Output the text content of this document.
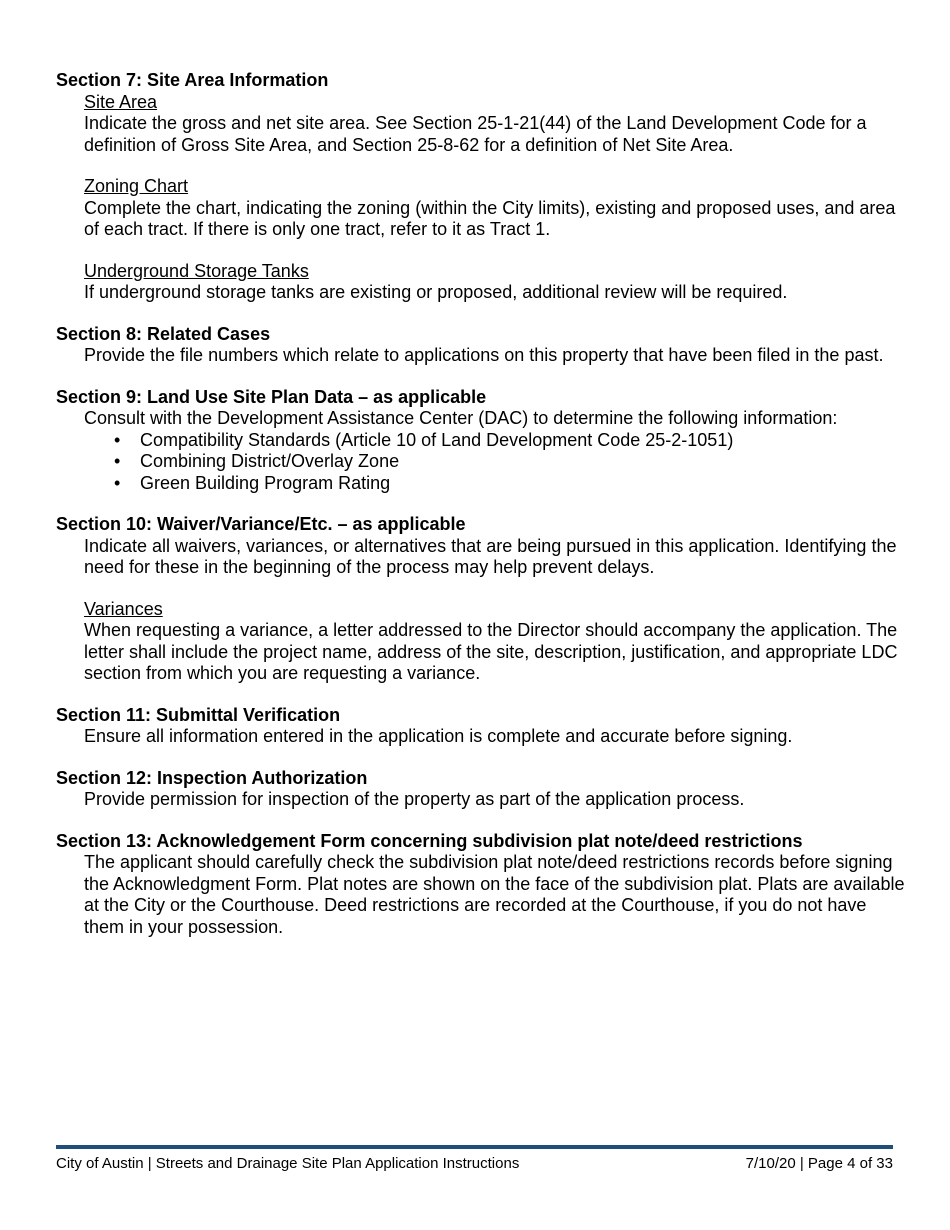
Section 7: Site Area Information
Site Area
Indicate the gross and net site area. See Section 25-1-21(44) of the Land Development Code for a definition of Gross Site Area, and Section 25-8-62 for a definition of Net Site Area.
Zoning Chart
Complete the chart, indicating the zoning (within the City limits), existing and proposed uses, and area of each tract. If there is only one tract, refer to it as Tract 1.
Underground Storage Tanks
If underground storage tanks are existing or proposed, additional review will be required.
Section 8: Related Cases
Provide the file numbers which relate to applications on this property that have been filed in the past.
Section 9: Land Use Site Plan Data – as applicable
Consult with the Development Assistance Center (DAC) to determine the following information:
• Compatibility Standards (Article 10 of Land Development Code 25-2-1051)
• Combining District/Overlay Zone
• Green Building Program Rating
Section 10: Waiver/Variance/Etc. – as applicable
Indicate all waivers, variances, or alternatives that are being pursued in this application. Identifying the need for these in the beginning of the process may help prevent delays.
Variances
When requesting a variance, a letter addressed to the Director should accompany the application. The letter shall include the project name, address of the site, description, justification, and appropriate LDC section from which you are requesting a variance.
Section 11: Submittal Verification
Ensure all information entered in the application is complete and accurate before signing.
Section 12: Inspection Authorization
Provide permission for inspection of the property as part of the application process.
Section 13: Acknowledgement Form concerning subdivision plat note/deed restrictions
The applicant should carefully check the subdivision plat note/deed restrictions records before signing the Acknowledgment Form. Plat notes are shown on the face of the subdivision plat. Plats are available at the City or the Courthouse. Deed restrictions are recorded at the Courthouse, if you do not have them in your possession.
City of Austin | Streets and Drainage Site Plan Application Instructions	7/10/20 | Page 4 of 33
